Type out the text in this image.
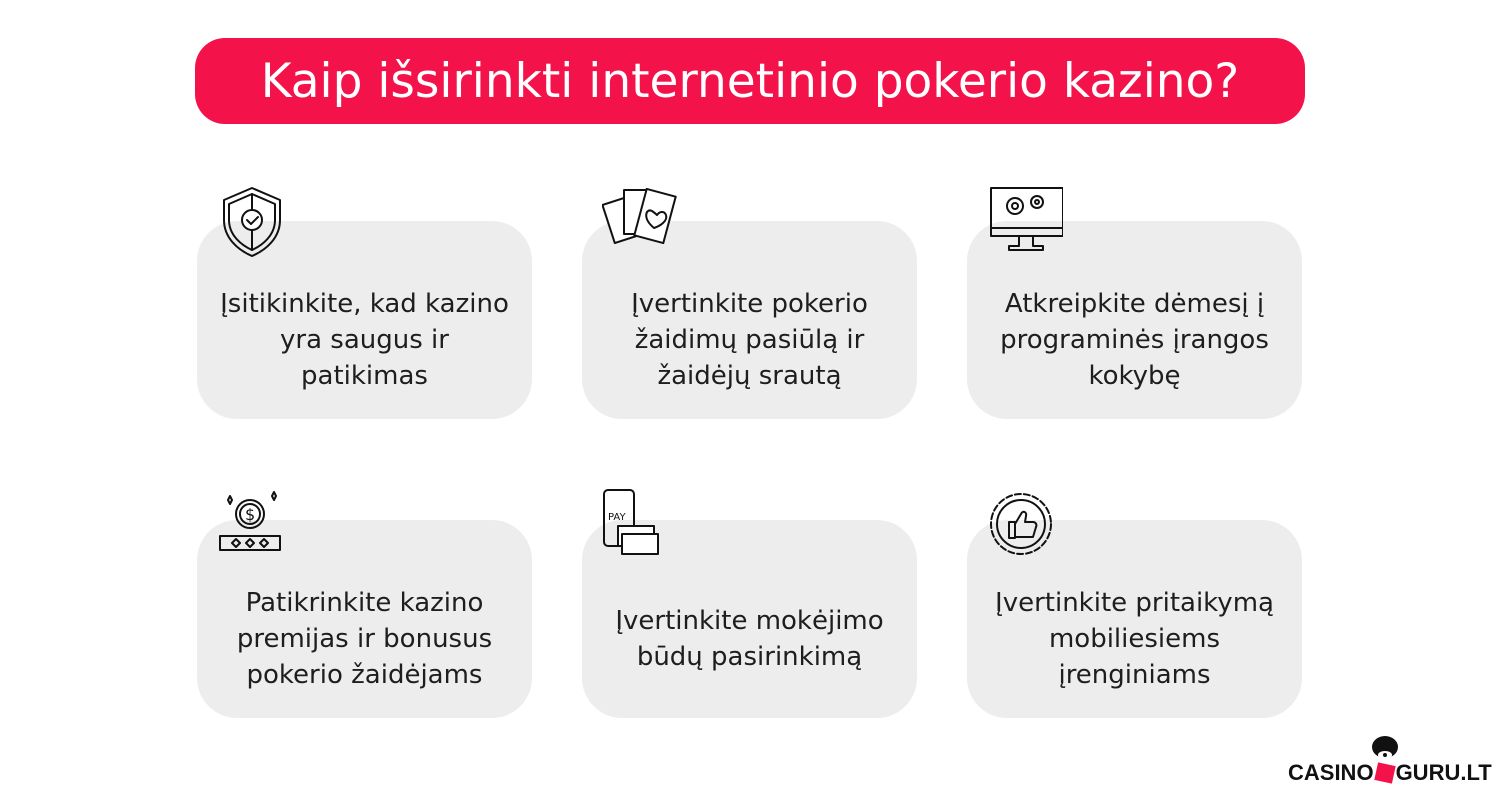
Kaip išsirinkti internetinio pokerio kazino?
Įsitikinkite, kad kazino yra saugus ir patikimas
Įvertinkite pokerio žaidimų pasiūlą ir žaidėjų srautą
Atkreipkite dėmesį į programinės įrangos kokybę
Patikrinkite kazino premijas ir bonusus pokerio žaidėjams
Įvertinkite mokėjimo būdų pasirinkimą
Įvertinkite pritaikymą mobiliesiems įrenginiams
$	PAY
CASINO GURU.LT
